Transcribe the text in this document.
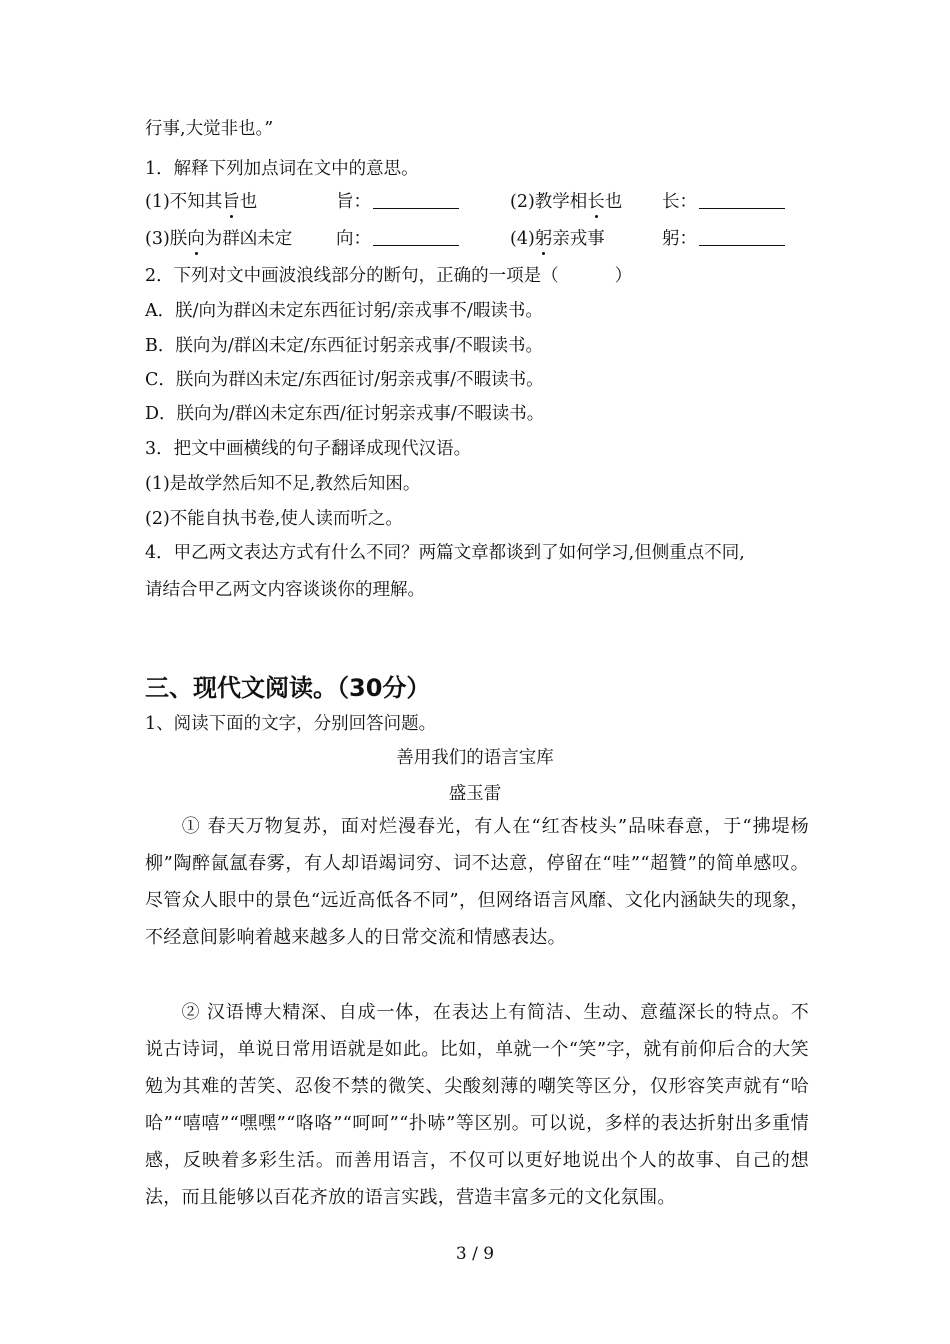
行事,大觉非也。”
1．解释下列加点词在文中的意思。
(1)不知其旨也	旨：	(2)教学相长也 长：
(3)朕向为群凶未定 向：	(4)躬亲戎事	躬：
2．下列对文中画波浪线部分的断句，正确的一项是（	）
A．朕/向为群凶未定东西征讨躬/亲戎事不/暇读书。
B．朕向为/群凶未定/东西征讨躬亲戎事/不暇读书。
C．朕向为群凶未定/东西征讨/躬亲戎事/不暇读书。
D．朕向为/群凶未定东西/征讨躬亲戎事/不暇读书。
3．把文中画横线的句子翻译成现代汉语。
(1)是故学然后知不足,教然后知困。
(2)不能自执书卷,使人读而听之。
4．甲乙两文表达方式有什么不同？两篇文章都谈到了如何学习,但侧重点不同,
请结合甲乙两文内容谈谈你的理解。
三、现代文阅读。（30分）
1、阅读下面的文字，分别回答问题。
善用我们的语言宝库
盛玉雷
① 春天万物复苏，面对烂漫春光，有人在“红杏枝头”品味春意，于“拂堤杨柳”陶醉氤氲春雾，有人却语竭词穷、词不达意，停留在“哇”“超贊”的简单感叹。尽管众人眼中的景色“远近高低各不同”，但网络语言风靡、文化内涵缺失的现象，不经意间影响着越来越多人的日常交流和情感表达。
② 汉语博大精深、自成一体，在表达上有简洁、生动、意蕴深长的特点。不说古诗词，单说日常用语就是如此。比如，单就一个“笑”字，就有前仰后合的大笑勉为其难的苦笑、忍俊不禁的微笑、尖酸刻薄的嘲笑等区分，仅形容笑声就有“哈哈”“嘻嘻”“嘿嘿”“咯咯”“呵呵”“扑哧”等区别。可以说，多样的表达折射出多重情感，反映着多彩生活。而善用语言，不仅可以更好地说出个人的故事、自己的想法，而且能够以百花齐放的语言实践，营造丰富多元的文化氛围。
3 / 9
